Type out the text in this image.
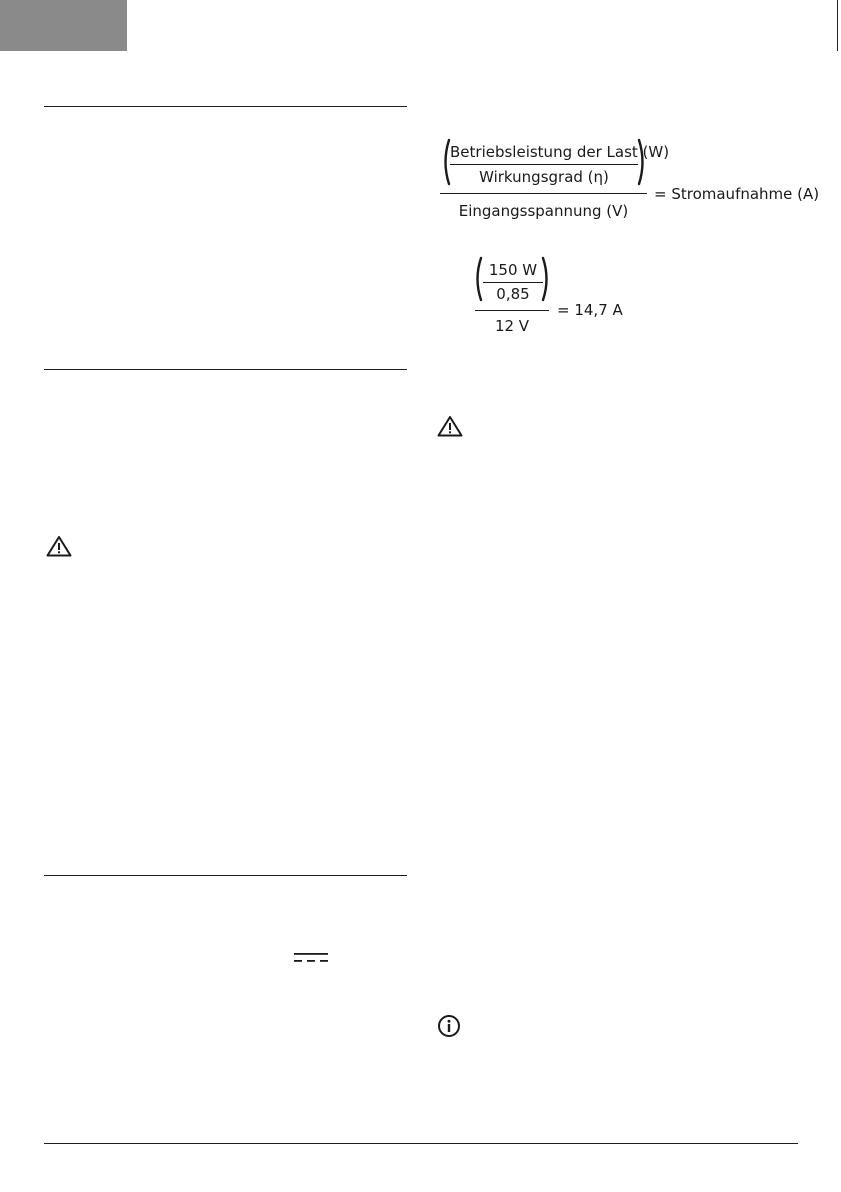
Betriebsleistung der Last (W)
Wirkungsgrad (η)
Eingangsspannung (V)
= Stromaufnahme (A)
150 W
0,85
12 V
= 14,7 A
